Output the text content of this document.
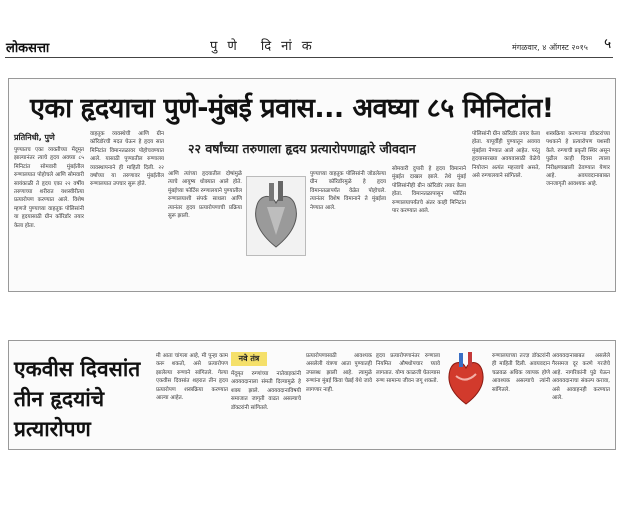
लोकसत्ता	पुणे दिनांक	मंगळवार, ४ ऑगस्ट २०१५ ५
एका हृदयाचा पुणे-मुंबई प्रवास... अवघ्या ८५ मिनिटांत!
२२ वर्षांच्या तरुणाला हृदय प्रत्यारोपणाद्वारे जीवदान
प्रतिनिधी, पुणे

पुण्यातच एका व्यक्तीच्या मेंदूमृत झाल्यानंतर त्याचे हृदय अवघ्या ८५ मिनिटांत सोमवारी मुंबईतील रुग्णालयात पोहोचले आणि सोमवारी सायंकाळी ते हृदय एका २२ वर्षीय तरुणाच्या शरीरात यशस्वीरीत्या प्रत्यारोपण करण्यात आले. विशेष म्हणजे पुण्याच्या वाहतूक पोलिसांनी या हृदयासाठी ग्रीन कॉरिडॉर तयार केला होता.

वाहतूक व्यवस्थेची आणि ग्रीन कॉरिडॉरची मदत घेऊन हे हृदय सात मिनिटांत विमानतळावर पोहोचवण्यात आले. यासाठी पुण्यातील रुग्णालय व्यवस्थापनाने ही माहिती दिली. २२ वर्षांच्या या तरुणावर मुंबईतील रुग्णालयात उपचार सुरू होते.

आणि त्यांच्या हृदयातील दोषांमुळे त्याचे आयुष्य धोक्यात आले होते. मुंबईच्या फोर्टिस रुग्णालयाने पुण्यातील रुग्णालयाशी संपर्क साधला आणि त्यानंतर हृदय प्रत्यारोपणाची प्रक्रिया सुरू झाली.

पुण्याच्या वाहतूक पोलिसांनी जोडलेल्या ग्रीन कॉरिडॉरमुळे हे हृदय विमानतळापर्यंत वेळेत पोहोचले. त्यानंतर विशेष विमानाने ते मुंबईला नेण्यात आले.

सोमवारी दुपारी हे हृदय विमानाने मुंबईत दाखल झाले. तेथे मुंबई पोलिसांनीही ग्रीन कॉरिडॉर तयार केला होता. विमानतळापासून फोर्टिस रुग्णालयापर्यंतचे अंतर काही मिनिटांत पार करण्यात आले.

पोलिसांनी ग्रीन कॉरिडॉर तयार केला होता. यापूर्वीही पुण्यातून अवयव मुंबईला नेण्यात आले आहेत. परंतु हृदयासारख्या अवयवासाठी वेळेचे नियोजन अत्यंत महत्त्वाचे असते, असे रुग्णालयाने सांगितले.

शस्त्रक्रिया करणाऱ्या डॉक्टरांच्या पथकाने हे प्रत्यारोपण यशस्वी केले. रुग्णाची प्रकृती स्थिर असून पुढील काही दिवस त्याला निरीक्षणाखाली ठेवण्यात येणार आहे. अवयवदानाबाबत जनजागृती आवश्यक आहे.

एकवीस दिवसांत तीन हृदयांचे प्रत्यारोपण
नवे तंत्र

मी आता चांगला आहे, मी पुन्हा काम करू शकतो, असे प्रत्यारोपण झालेल्या रुग्णाने सांगितले. गेल्या एकवीस दिवसांत शहरात तीन हृदय प्रत्यारोपण शस्त्रक्रिया करण्यात आल्या आहेत.

मेंदूमृत रुग्णांच्या नातेवाइकांनी अवयवदानाला संमती दिल्यामुळे हे शक्य झाले. अवयवदानाविषयी समाजात जागृती वाढत असल्याचे डॉक्टरांनी सांगितले.

प्रत्यारोपणासाठी आवश्यक असलेली यंत्रणा आता पुण्यातही उपलब्ध झाली आहे. त्यामुळे रुग्णांना मुंबई किंवा चेन्नई येथे जावे लागणार नाही.

हृदय प्रत्यारोपणानंतर रुग्णाला नियमित औषधोपचार घ्यावे लागतात. योग्य काळजी घेतल्यास रुग्ण सामान्य जीवन जगू शकतो.

रुग्णालयाच्या तज्ज्ञ डॉक्टरांनी ही माहिती दिली. अवयवदान चळवळ अधिक व्यापक होणे आवश्यक असल्याचे त्यांनी सांगितले.

अवयवदानाबाबत असलेले गैरसमज दूर करणे गरजेचे आहे. नागरिकांनी पुढे येऊन अवयवदानाचा संकल्प करावा, असे आवाहनही करण्यात आले.
